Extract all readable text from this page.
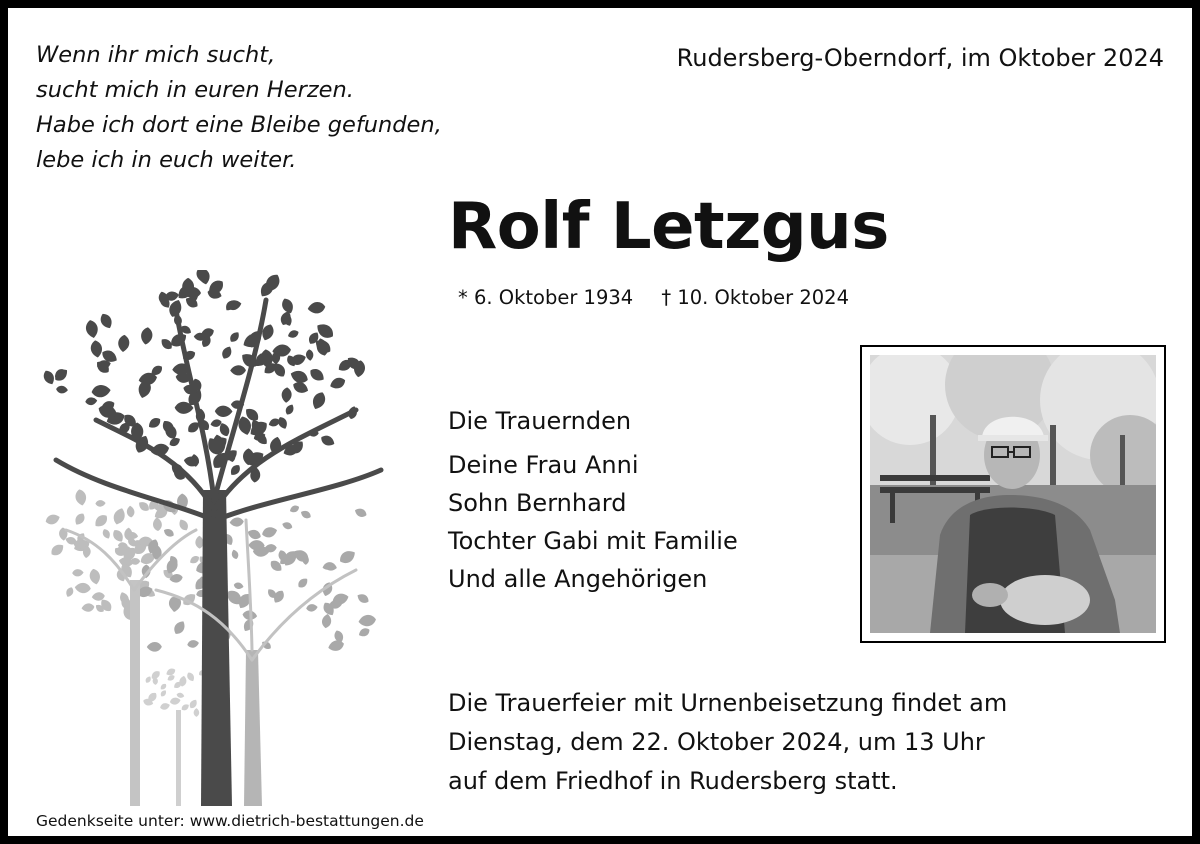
Wenn ihr mich sucht,
sucht mich in euren Herzen.
Habe ich dort eine Bleibe gefunden,
lebe ich in euch weiter.
Rudersberg-Oberndorf, im Oktober 2024
Rolf Letzgus
* 6. Oktober 1934 † 10. Oktober 2024
Die Trauernden
Deine Frau Anni
Sohn Bernhard
Tochter Gabi mit Familie
Und alle Angehörigen
Die Trauerfeier mit Urnenbeisetzung findet am
Dienstag, dem 22. Oktober 2024, um 13 Uhr
auf dem Friedhof in Rudersberg statt.
Gedenkseite unter: www.dietrich-bestattungen.de
